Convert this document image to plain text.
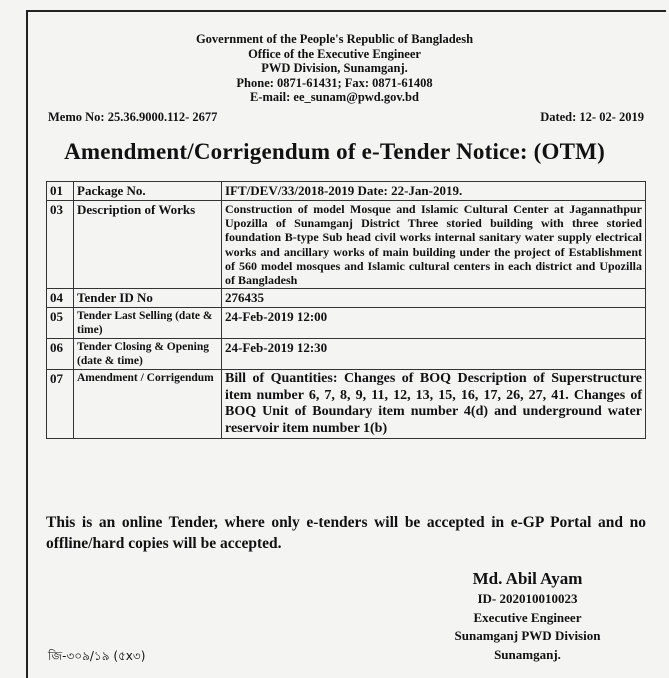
Government of the People's Republic of Bangladesh
Office of the Executive Engineer
PWD Division, Sunamganj.
Phone: 0871-61431; Fax: 0871-61408
E-mail: ee_sunam@pwd.gov.bd
Memo No: 25.36.9000.112- 2677	Dated: 12- 02- 2019
Amendment/Corrigendum of e-Tender Notice: (OTM)
01	Package No.	IFT/DEV/33/2018-2019 Date: 22-Jan-2019.
03	Description of Works	Construction of model Mosque and Islamic Cultural Center at Jagannathpur Upozilla of Sunamganj District Three storied building with three storied foundation B-type Sub head civil works internal sanitary water supply electrical works and ancillary works of main building under the project of Establishment of 560 model mosques and Islamic cultural centers in each district and Upozilla of Bangladesh
04	Tender ID No	276435
05	Tender Last Selling (date & time)	24-Feb-2019 12:00
06	Tender Closing & Opening (date & time)	24-Feb-2019 12:30
07	Amendment / Corrigendum	Bill of Quantities: Changes of BOQ Description of Superstructure item number 6, 7, 8, 9, 11, 12, 13, 15, 16, 17, 26, 27, 41. Changes of BOQ Unit of Boundary item number 4(d) and underground water reservoir item number 1(b)
This is an online Tender, where only e-tenders will be accepted in e-GP Portal and no offline/hard copies will be accepted.
Md. Abil Ayam
ID- 202010010023
Executive Engineer
Sunamganj PWD Division
Sunamganj.
জি-৩০৯/১৯ (৫x৩)
